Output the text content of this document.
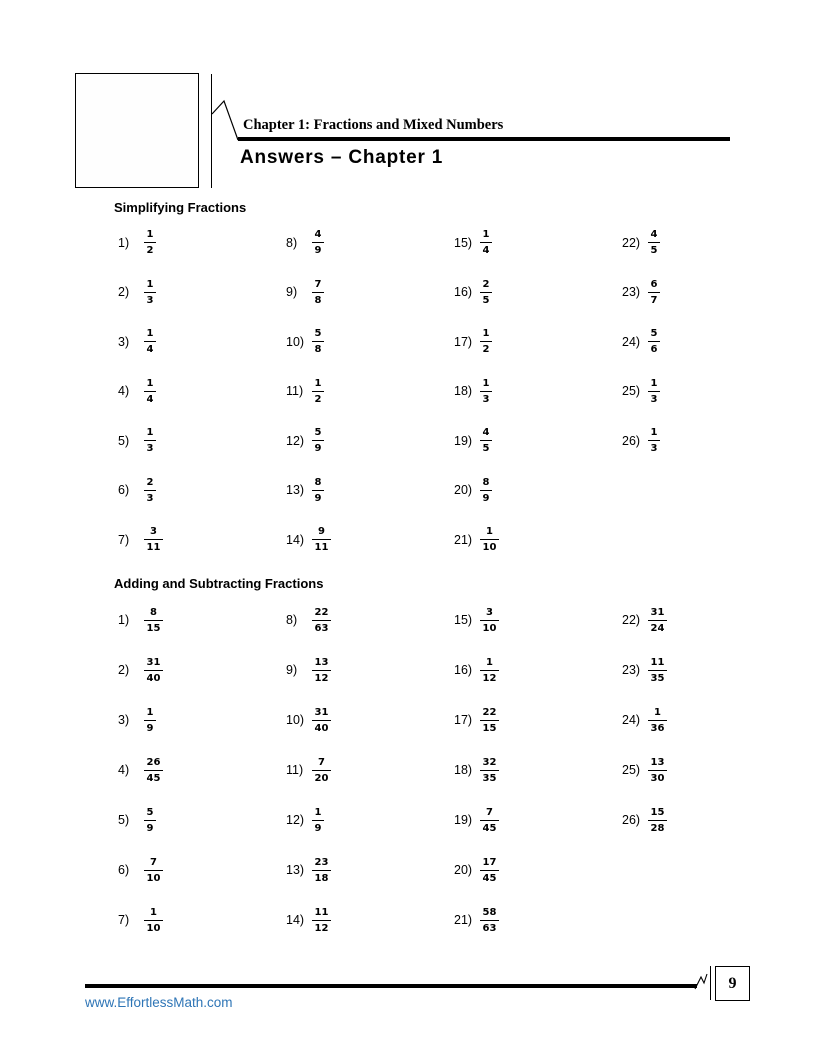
Chapter 1: Fractions and Mixed Numbers
Answers – Chapter 1
Simplifying Fractions
Adding and Subtracting Fractions
1)	$\frac{1}{2}$
2)	$\frac{1}{3}$
3)	$\frac{1}{4}$
4)	$\frac{1}{4}$
5)	$\frac{1}{3}$
6)	$\frac{2}{3}$
7)	$\frac{3}{11}$
8)	$\frac{4}{9}$
9)	$\frac{7}{8}$
$10) \frac{5}{8}$
$11) \frac{1}{2}$
$12) \frac{5}{9}$
$13) \frac{8}{9}$
$14) \frac{9}{11}$
$15) \frac{1}{4}$
$16) \frac{2}{5}$
$17) \frac{1}{2}$
$18) \frac{1}{3}$
$19) \frac{4}{5}$
$20) \frac{8}{9}$
$21) \frac{1}{10}$
$22) \frac{4}{5}$
$23) \frac{6}{7}$
$24) \frac{5}{6}$
$25) \frac{1}{3}$
$26) \frac{1}{3}$
1)	$\frac{8}{15}$
2)	$\frac{31}{40}$
3)	$\frac{1}{9}$
4)	$\frac{26}{45}$
5)	$\frac{5}{9}$
6)	$\frac{7}{10}$
7)	$\frac{1}{10}$
8)	$\frac{22}{63}$
9)	$\frac{13}{12}$
$10) \frac{31}{40}$
$11) \frac{7}{20}$
$12) \frac{1}{9}$
$13) \frac{23}{18}$
$14) \frac{11}{12}$
$15) \frac{3}{10}$
$16) \frac{1}{12}$
$17) \frac{22}{15}$
$18) \frac{32}{35}$
$19) \frac{7}{45}$
$20) \frac{17}{45}$
$21) \frac{58}{63}$
$22) \frac{31}{24}$
$23) \frac{11}{35}$
$24) \frac{1}{36}$
$25) \frac{13}{30}$
$26) \frac{15}{28}$
9
www.EffortlessMath.com
